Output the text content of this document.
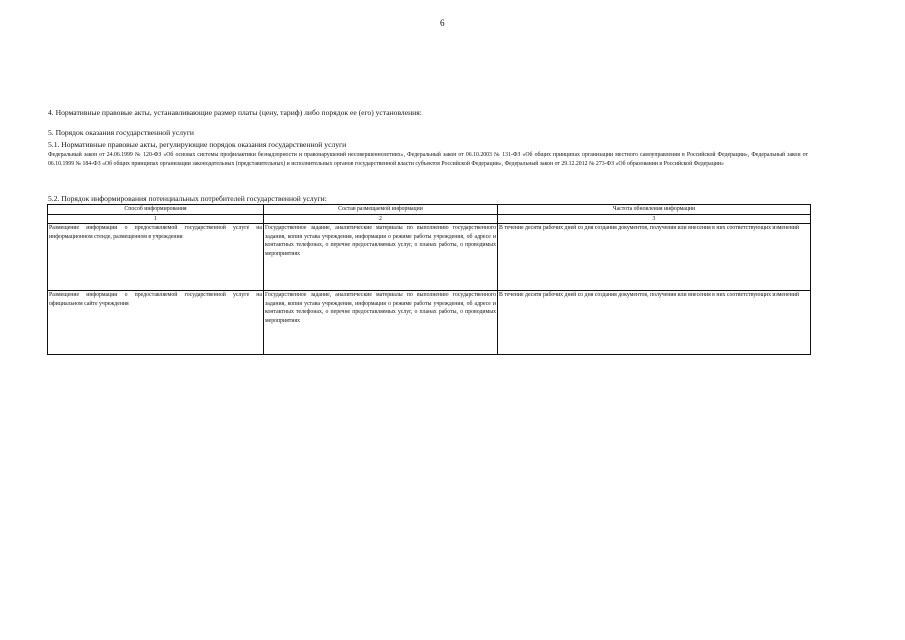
6
4. Нормативные правовые акты, устанавливающие размер платы (цену, тариф) либо порядок ее (его) установления:
5. Порядок оказания государственной услуги
5.1. Нормативные правовые акты, регулирующие порядок оказания государственной услуги
Федеральный закон от 24.06.1999 № 120-ФЗ «Об основах системы профилактики безнадзорности и правонарушений несовершеннолетних», Федеральный закон от 06.10.2003 № 131-ФЗ «Об общих принципах организации местного самоуправления в Российской Федерации», Федеральный закон от 06.10.1999 № 184-ФЗ «Об общих принципах организации законодательных (представительных) и исполнительных органов государственной власти субъектов Российской Федерации», Федеральный закон от 29.12.2012 № 273-ФЗ «Об образовании в Российской Федерации»
5.2. Порядок информирования потенциальных потребителей государственной услуги:
Способ информирования	Состав размещаемой информации	Частота обновления информации
1	2	3
Размещение информации о предоставляемой государственной услуге на информационном стенде, размещенном в учреждении	Государственное задание, аналитические материалы по выполнению государственного задания, копия устава учреждения, информация о режиме работы учреждения, об адресе и контактных телефонах, о перечне предоставляемых услуг, о планах работы, о проводимых мероприятиях	В течение десяти рабочих дней со дня создания документов, получения или внесения в них соответствующих изменений
Размещение информации о предоставляемой государственной услуге на официальном сайте учреждения	Государственное задание, аналитические материалы по выполнению государственного задания, копия устава учреждения, информация о режиме работы учреждения, об адресе и контактных телефонах, о перечне предоставляемых услуг, о планах работы, о проводимых мероприятиях	В течение десяти рабочих дней со дня создания документов, получения или внесения в них соответствующих изменений
